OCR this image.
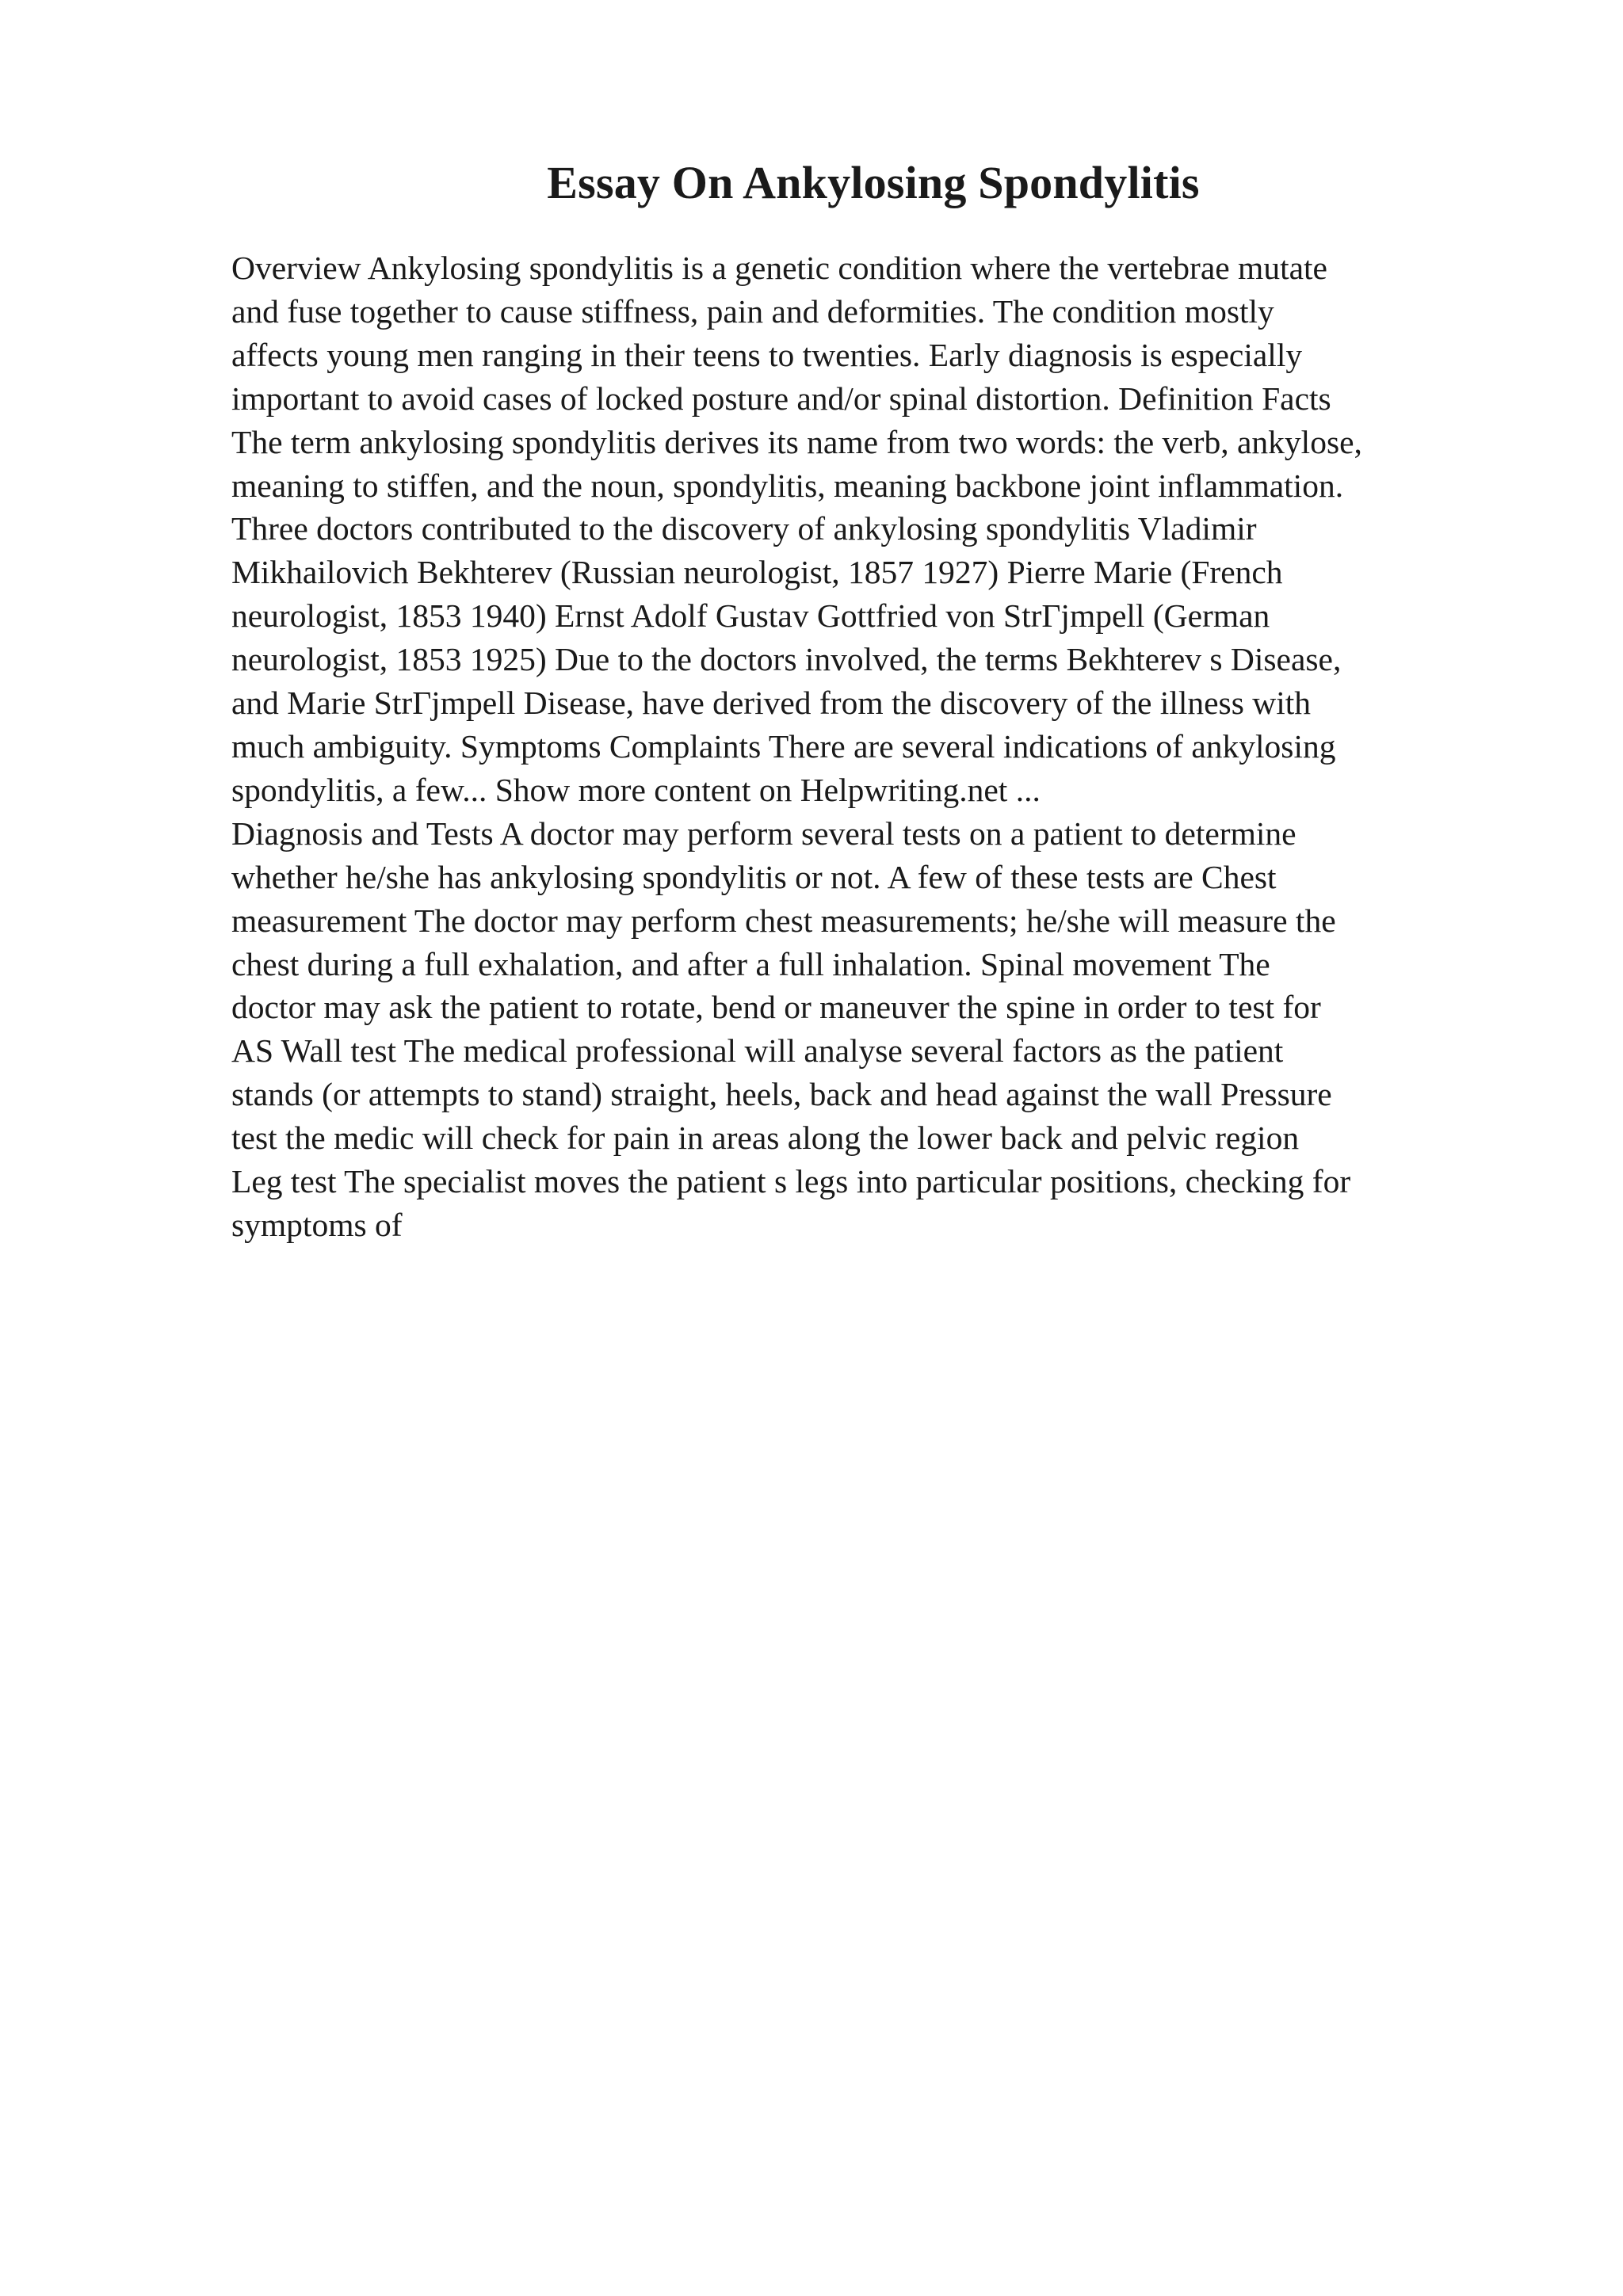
Essay On Ankylosing Spondylitis
Overview Ankylosing spondylitis is a genetic condition where the vertebrae mutate
and fuse together to cause stiffness, pain and deformities. The condition mostly
affects young men ranging in their teens to twenties. Early diagnosis is especially
important to avoid cases of locked posture and/or spinal distortion. Definition Facts
The term ankylosing spondylitis derives its name from two words: the verb, ankylose,
meaning to stiffen, and the noun, spondylitis, meaning backbone joint inflammation.
Three doctors contributed to the discovery of ankylosing spondylitis Vladimir
Mikhailovich Bekhterev (Russian neurologist, 1857 1927) Pierre Marie (French
neurologist, 1853 1940) Ernst Adolf Gustav Gottfried von StrГjmpell (German
neurologist, 1853 1925) Due to the doctors involved, the terms Bekhterev s Disease,
and Marie StrГjmpell Disease, have derived from the discovery of the illness with
much ambiguity. Symptoms Complaints There are several indications of ankylosing
spondylitis, a few... Show more content on Helpwriting.net ...
Diagnosis and Tests A doctor may perform several tests on a patient to determine
whether he/she has ankylosing spondylitis or not. A few of these tests are Chest
measurement The doctor may perform chest measurements; he/she will measure the
chest during a full exhalation, and after a full inhalation. Spinal movement The
doctor may ask the patient to rotate, bend or maneuver the spine in order to test for
AS Wall test The medical professional will analyse several factors as the patient
stands (or attempts to stand) straight, heels, back and head against the wall Pressure
test the medic will check for pain in areas along the lower back and pelvic region
Leg test The specialist moves the patient s legs into particular positions, checking for
symptoms of
